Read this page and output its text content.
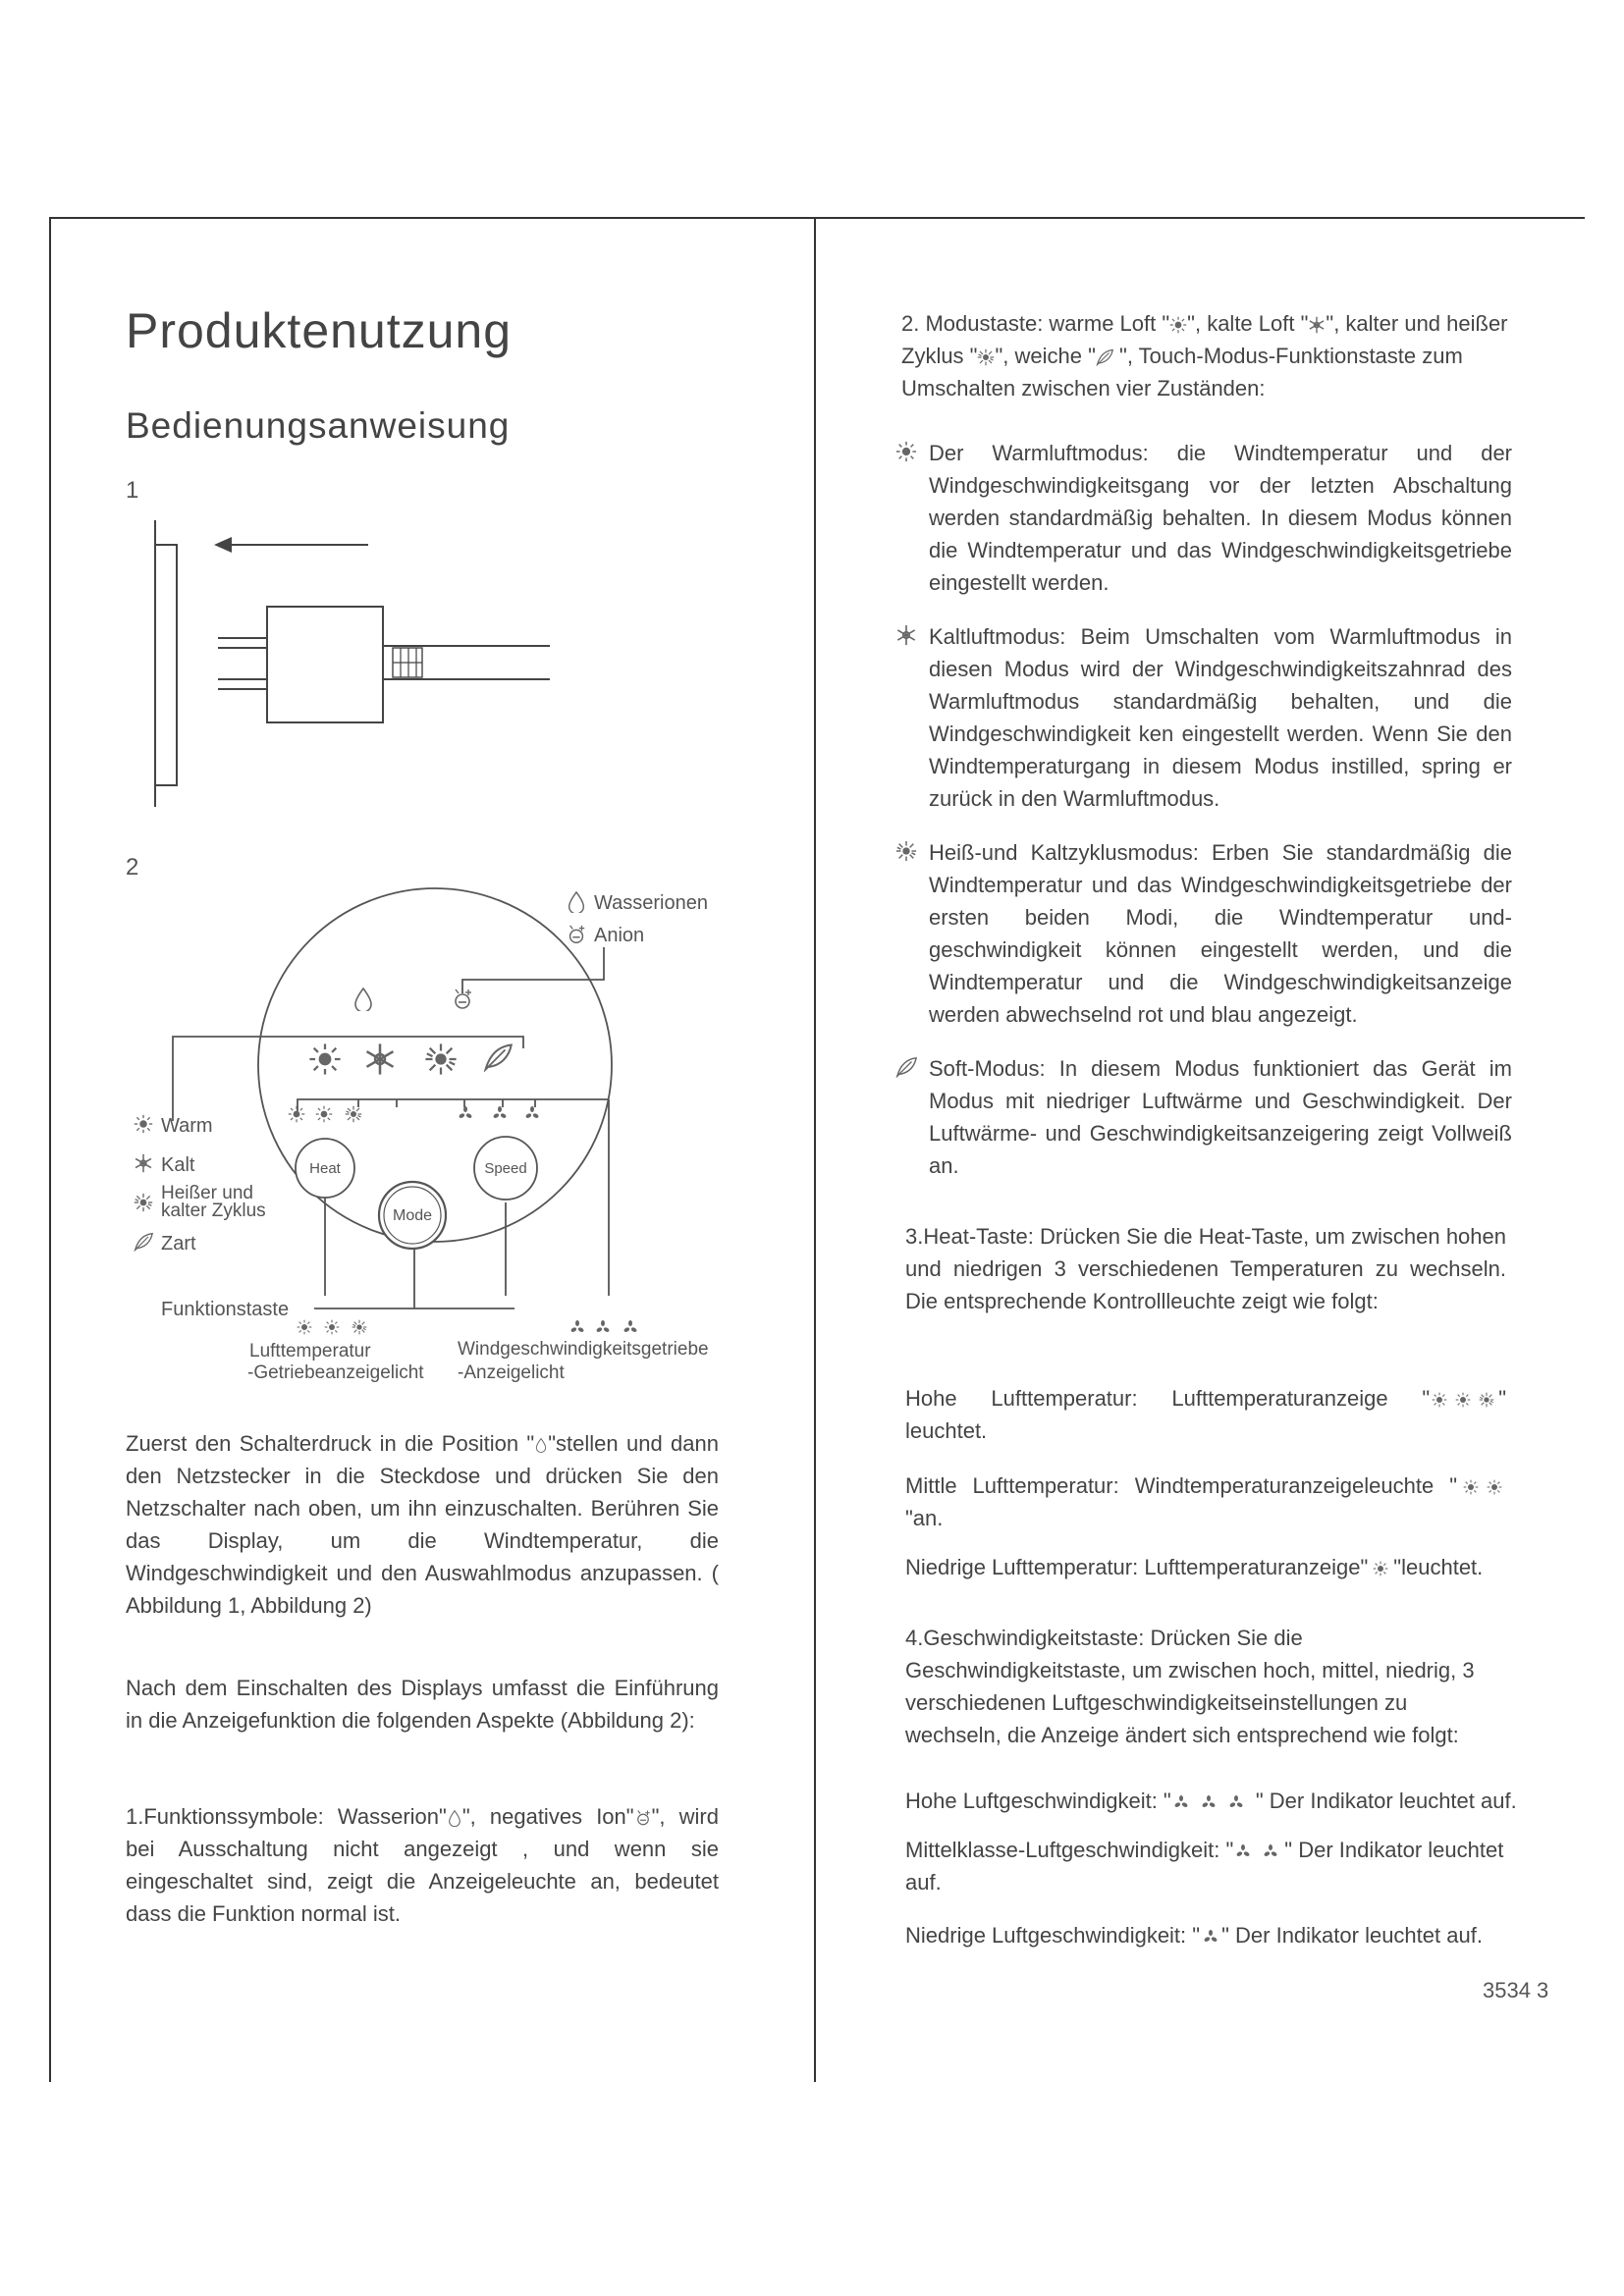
Produktenutzung
Bedienungsanweisung
1
2
Wasserionen
Anion
Warm
Kalt
Heißer und
kalter Zyklus
Zart
Heat	Speed
Mode
Funktionstaste
Lufttemperatur
-Getriebeanzeigelicht
Windgeschwindigkeitsgetriebe
-Anzeigelicht

Zuerst den Schalterdruck in die Position " "stellen und dann den Netzstecker in die Steckdose und drücken Sie den Netzschalter nach oben, um ihn einzuschalten. Berühren Sie das Display, um die Windtemperatur, die Windgeschwindigkeit und den Auswahlmodus anzupassen. ( Abbildung 1, Abbildung 2)

Nach dem Einschalten des Displays umfasst die Einführung in die Anzeigefunktion die folgenden Aspekte (Abbildung 2):

1.Funktionssymbole: Wasserion" ", negatives Ion" ", wird bei Ausschaltung nicht angezeigt , und wenn sie eingeschaltet sind, zeigt die Anzeigeleuchte an, bedeutet dass die Funktion normal ist.

2. Modustaste: warme Loft " ", kalte Loft " ", kalter und heißer Zyklus " ", weiche " ", Touch-Modus-Funktionstaste zum Umschalten zwischen vier Zuständen:

Der Warmluftmodus: die Windtemperatur und der Windgeschwindigkeitsgang vor der letzten Abschaltung werden standardmäßig behalten. In diesem Modus können die Windtemperatur und das Windgeschwindigkeitsgetriebe eingestellt werden.

Kaltluftmodus: Beim Umschalten vom Warmluftmodus in diesen Modus wird der Windgeschwindigkeitszahnrad des Warmluftmodus standardmäßig behalten, und die Windgeschwindigkeit ken eingestellt werden. Wenn Sie den Windtemperaturgang in diesem Modus instilled, spring er zurück in den Warmluftmodus.

Heiß-und Kaltzyklusmodus: Erben Sie standardmäßig die Windtemperatur und das Windgeschwindigkeitsgetriebe der ersten beiden Modi, die Windtemperatur und-geschwindigkeit können eingestellt werden, und die Windtemperatur und die Windgeschwindigkeitsanzeige werden abwechselnd rot und blau angezeigt.

Soft-Modus: In diesem Modus funktioniert das Gerät im Modus mit niedriger Luftwärme und Geschwindigkeit. Der Luftwärme- und Geschwindigkeitsanzeigering zeigt Vollweiß an.

3.Heat-Taste: Drücken Sie die Heat-Taste, um zwischen hohen und niedrigen 3 verschiedenen Temperaturen zu wechseln. Die entsprechende Kontrollleuchte zeigt wie folgt:

Hohe Lufttemperatur: Lufttemperaturanzeige "	" leuchtet.

Mittle Lufttemperatur: Windtemperaturanzeigeleuchte ""an.

Niedrige Lufttemperatur: Lufttemperaturanzeige" "leuchtet.

4.Geschwindigkeitstaste: Drücken Sie die Geschwindigkeitstaste, um zwischen hoch, mittel, niedrig, 3 verschiedenen Luftgeschwindigkeitseinstellungen zu wechseln, die Anzeige ändert sich entsprechend wie folgt:

Hohe Luftgeschwindigkeit: "	" Der Indikator leuchtet auf.

Mittelklasse-Luftgeschwindigkeit: " " Der Indikator leuchtet auf.

Niedrige Luftgeschwindigkeit: " " Der Indikator leuchtet auf.

3534 3
